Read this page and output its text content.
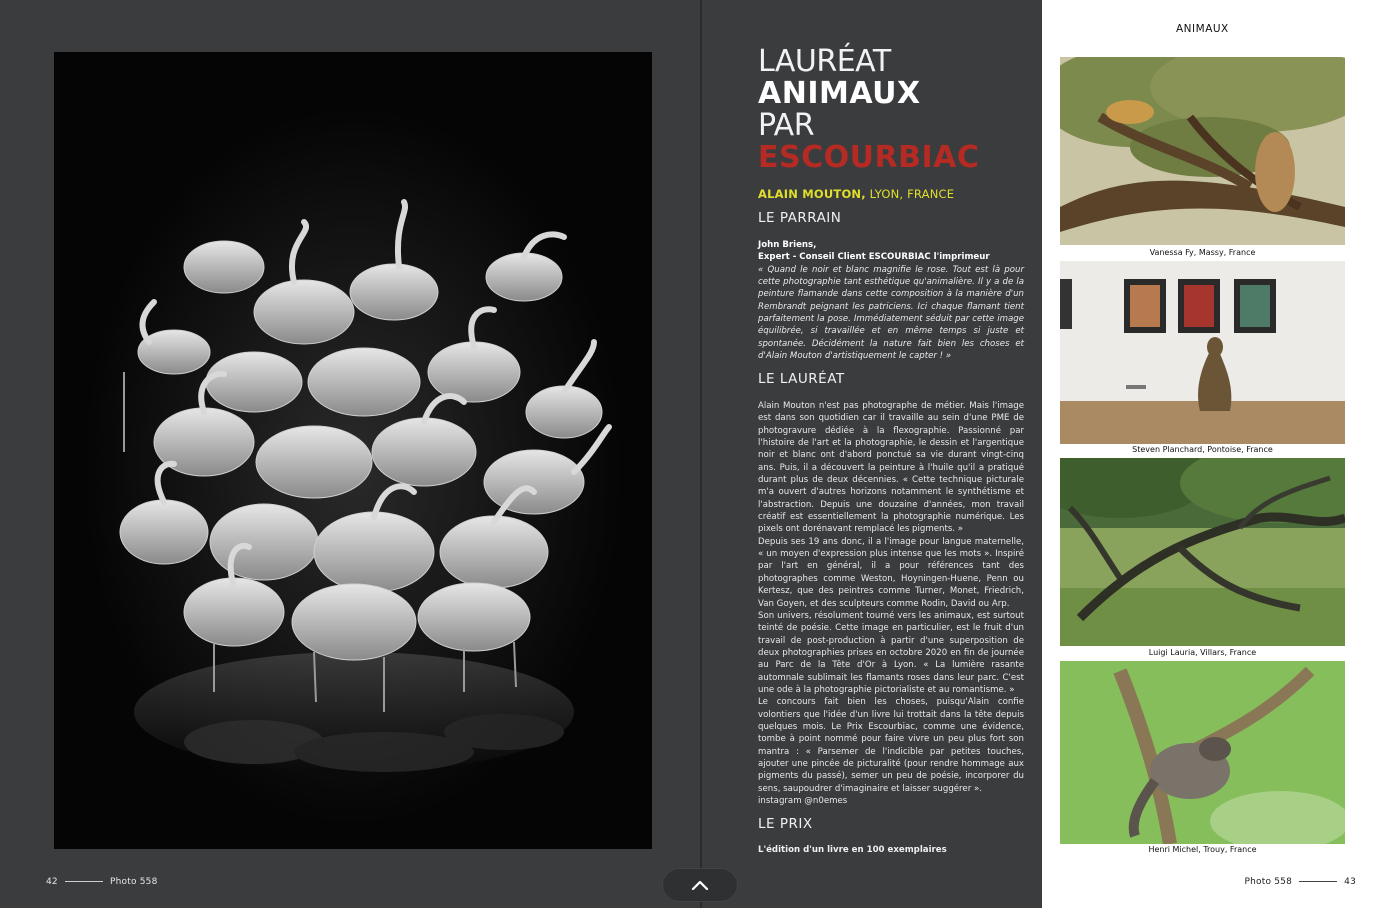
42	Photo 558
LAURÉAT
ANIMAUX
PAR
ESCOURBIAC
ALAIN MOUTON, LYON, FRANCE
LE PARRAIN
John Briens,
Expert - Conseil Client ESCOURBIAC l'imprimeur
« Quand le noir et blanc magnifie le rose. Tout est là pour cette photographie tant esthétique qu'animalière. Il y a de la peinture flamande dans cette composition à la manière d'un Rembrandt peignant les patriciens. Ici chaque flamant tient parfaitement la pose. Immédiatement séduit par cette image équilibrée, si travaillée et en même temps si juste et spontanée. Décidément la nature fait bien les choses et d'Alain Mouton d'artistiquement le capter ! »
LE LAURÉAT
Alain Mouton n'est pas photographe de métier. Mais l'image est dans son quotidien car il travaille au sein d'une PME de photogravure dédiée à la flexographie. Passionné par l'histoire de l'art et la photographie, le dessin et l'argentique noir et blanc ont d'abord ponctué sa vie durant vingt-cinq ans. Puis, il a découvert la peinture à l'huile qu'il a pratiqué durant plus de deux décennies. « Cette technique picturale m'a ouvert d'autres horizons notamment le synthétisme et l'abstraction. Depuis une douzaine d'années, mon travail créatif est essentiellement la photographie numérique. Les pixels ont dorénavant remplacé les pigments. »
Depuis ses 19 ans donc, il a l'image pour langue maternelle, « un moyen d'expression plus intense que les mots ». Inspiré par l'art en général, il a pour références tant des photographes comme Weston, Hoyningen-Huene, Penn ou Kertesz, que des peintres comme Turner, Monet, Friedrich, Van Goyen, et des sculpteurs comme Rodin, David ou Arp.
Son univers, résolument tourné vers les animaux, est surtout teinté de poésie. Cette image en particulier, est le fruit d'un travail de post-production à partir d'une superposition de deux photographies prises en octobre 2020 en fin de journée au Parc de la Tête d'Or à Lyon. « La lumière rasante automnale sublimait les flamants roses dans leur parc. C'est une ode à la photographie pictorialiste et au romantisme. »
Le concours fait bien les choses, puisqu'Alain confie volontiers que l'idée d'un livre lui trottait dans la tête depuis quelques mois. Le Prix Escourbiac, comme une évidence, tombe à point nommé pour faire vivre un peu plus fort son mantra : « Parsemer de l'indicible par petites touches, ajouter une pincée de picturalité (pour rendre hommage aux pigments du passé), semer un peu de poésie, incorporer du sens, saupoudrer d'imaginaire et laisser suggérer ».
instagram @n0emes
LE PRIX
L'édition d'un livre en 100 exemplaires
ANIMAUX
Vanessa Fy, Massy, France
Steven Planchard, Pontoise, France
Luigi Lauria, Villars, France
Henri Michel, Trouy, France
Photo 558	43
